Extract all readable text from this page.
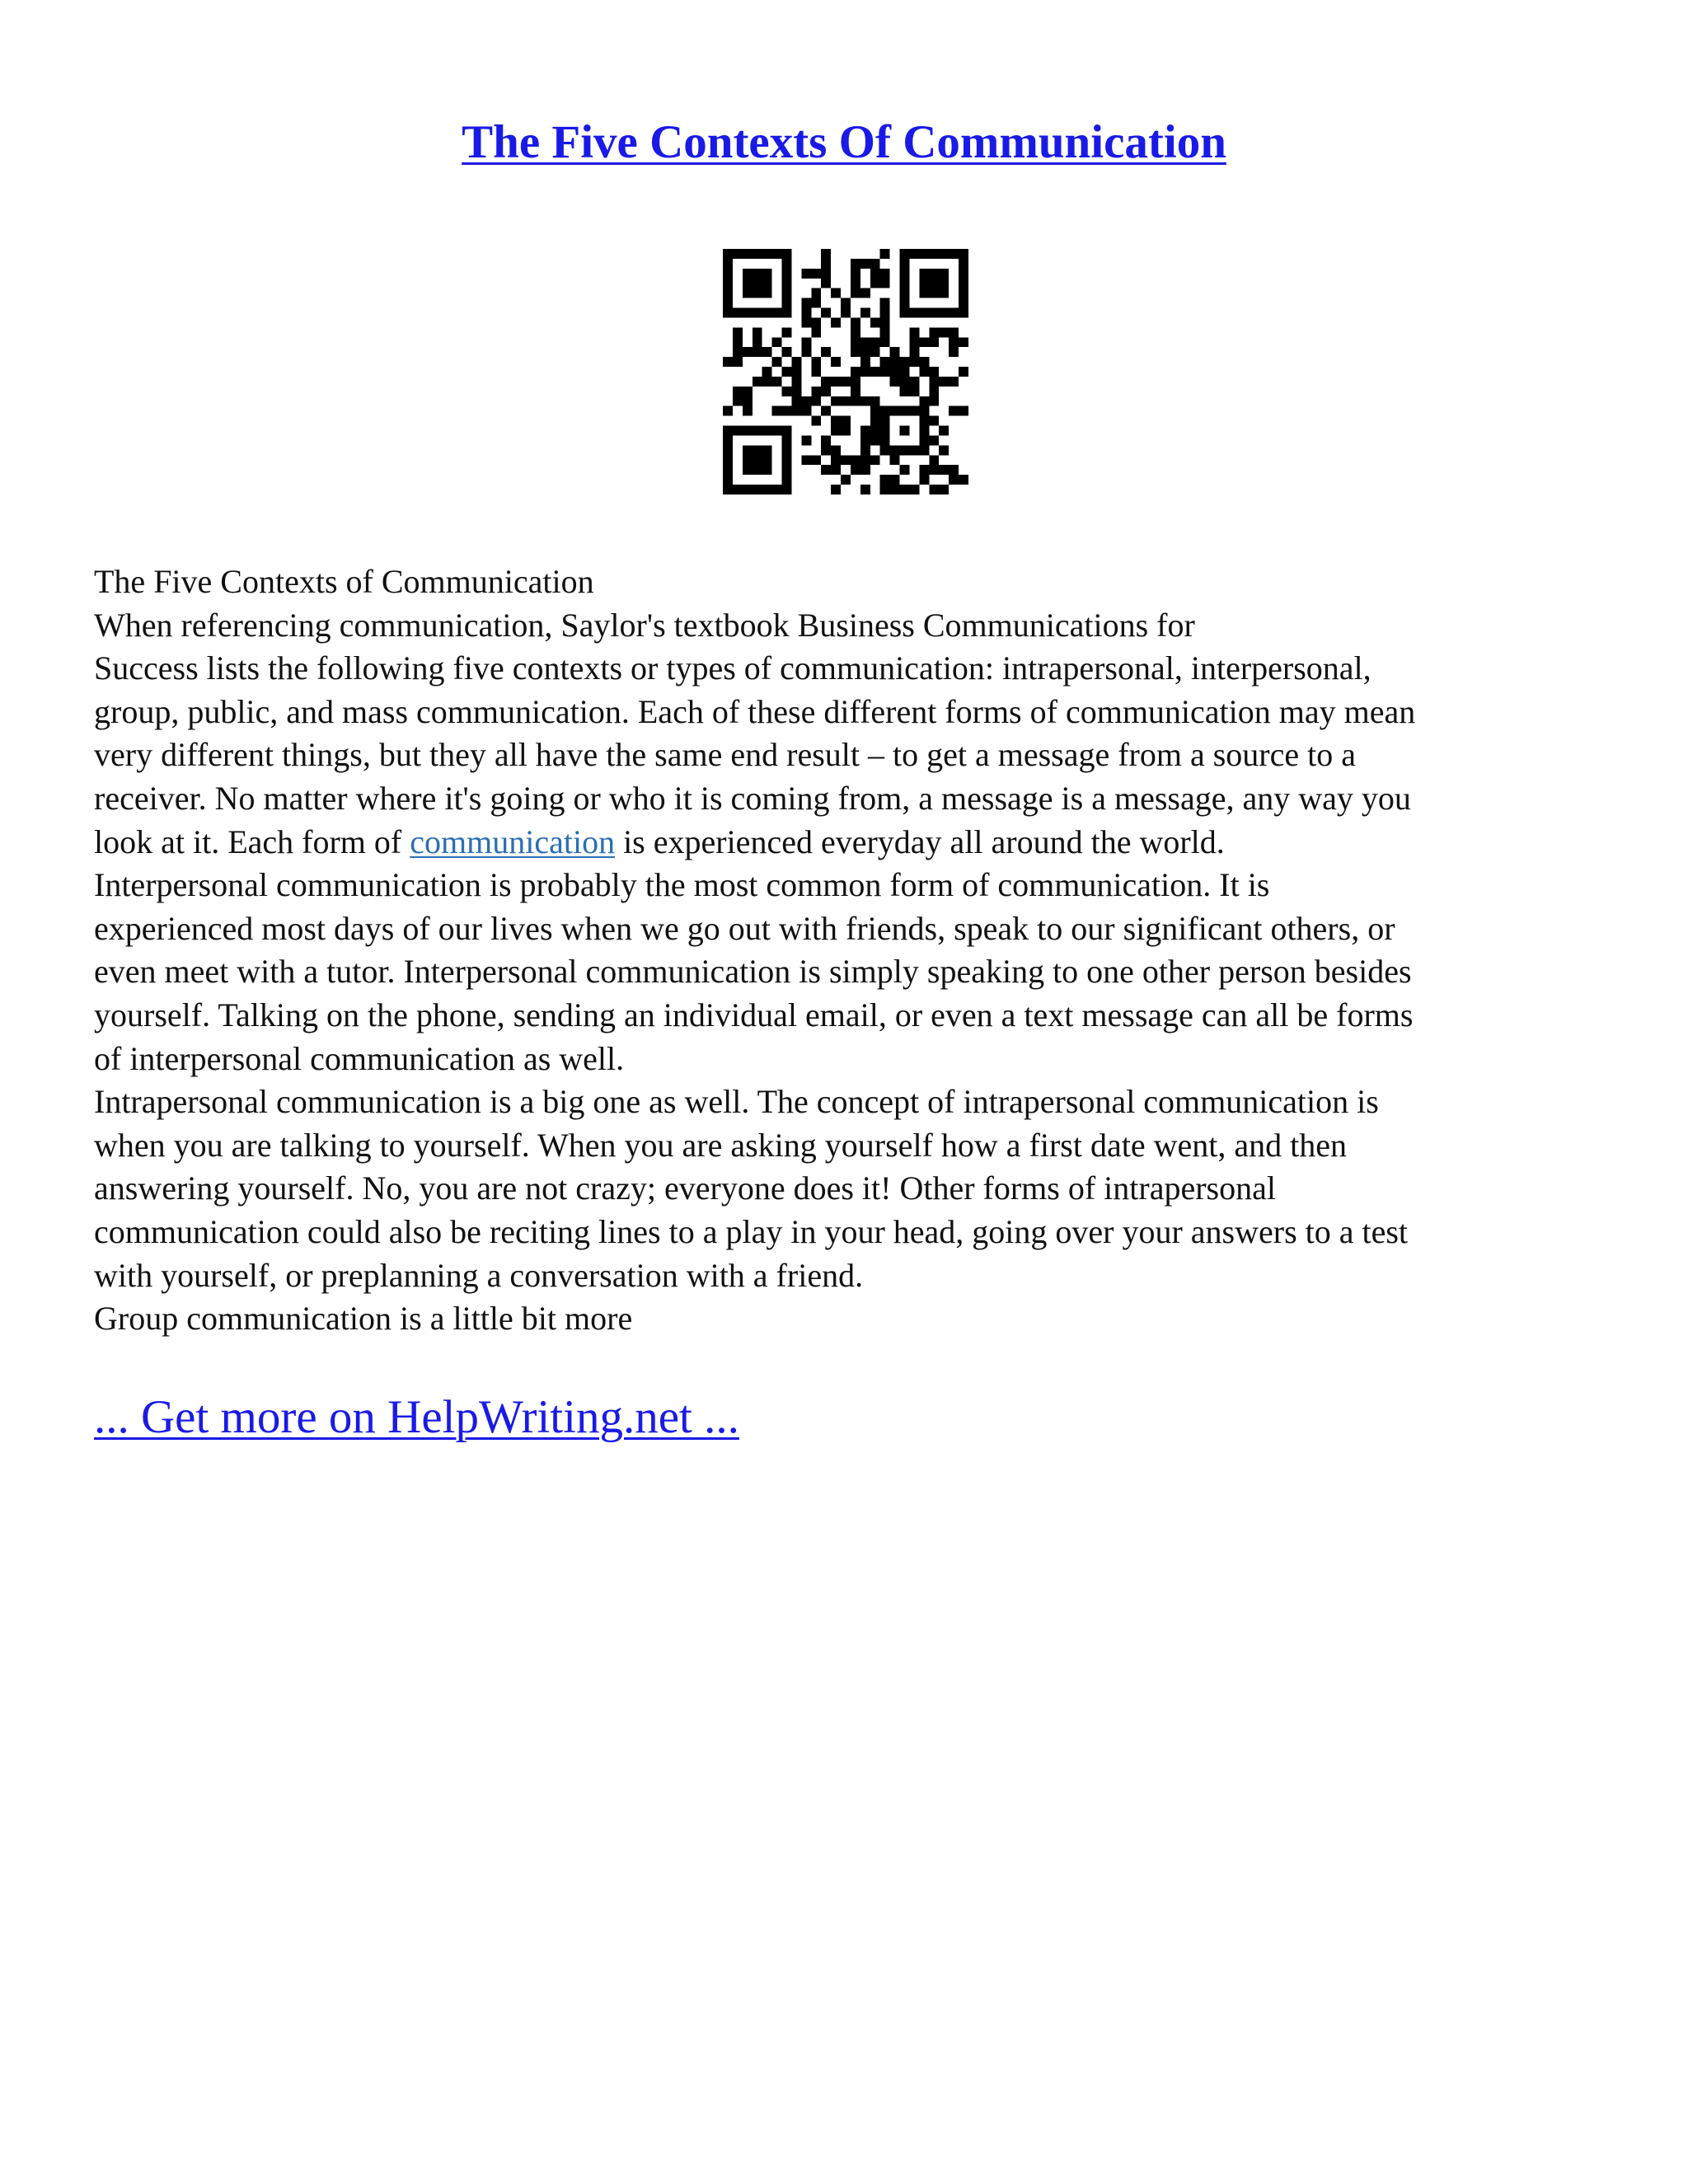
The Five Contexts Of Communication
The Five Contexts of Communication
When referencing communication, Saylor's textbook Business Communications for
Success lists the following five contexts or types of communication: intrapersonal, interpersonal,
group, public, and mass communication. Each of these different forms of communication may mean
very different things, but they all have the same end result – to get a message from a source to a
receiver. No matter where it's going or who it is coming from, a message is a message, any way you
look at it. Each form of communication is experienced everyday all around the world.
Interpersonal communication is probably the most common form of communication. It is
experienced most days of our lives when we go out with friends, speak to our significant others, or
even meet with a tutor. Interpersonal communication is simply speaking to one other person besides
yourself. Talking on the phone, sending an individual email, or even a text message can all be forms
of interpersonal communication as well.
Intrapersonal communication is a big one as well. The concept of intrapersonal communication is
when you are talking to yourself. When you are asking yourself how a first date went, and then
answering yourself. No, you are not crazy; everyone does it! Other forms of intrapersonal
communication could also be reciting lines to a play in your head, going over your answers to a test
with yourself, or preplanning a conversation with a friend.
Group communication is a little bit more

... Get more on HelpWriting.net ...
